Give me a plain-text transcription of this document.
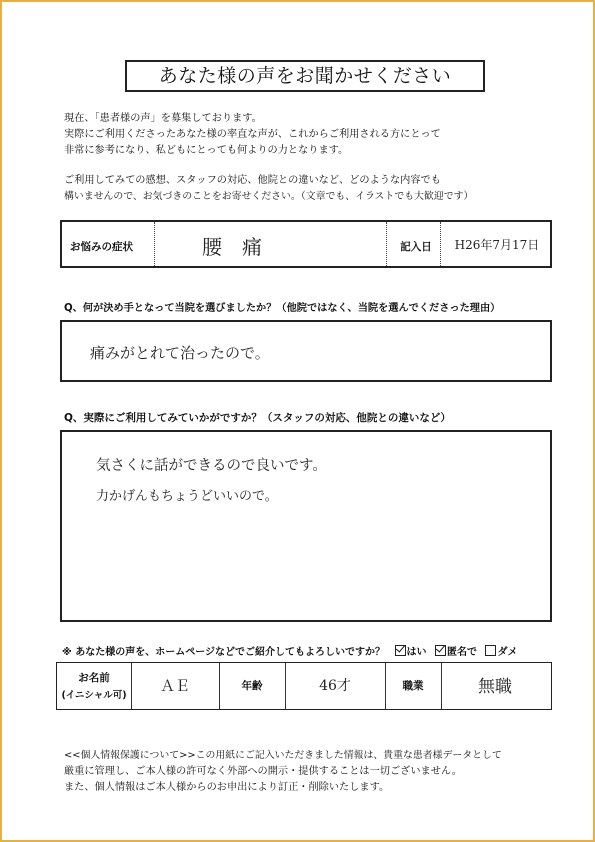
あなた様の声をお聞かせください
現在、「患者様の声」を募集しております。
実際にご利用くださったあなた様の率直な声が、これからご利用される方にとって
非常に参考になり、私どもにとっても何よりの力となります。
ご利用してみての感想、スタッフの対応、他院との違いなど、どのような内容でも
構いませんので、お気づきのことをお寄せください。（文章でも、イラストでも大歓迎です）
お悩みの症状	腰　痛	記入日	H26年7月17日
Q、何が決め手となって当院を選びましたか？（他院ではなく、当院を選んでくださった理由）
痛みがとれて治ったので。
Q、実際にご利用してみていかがですか？（スタッフの対応、他院との違いなど）
気さくに話ができるので良いです。
力かげんもちょうどいいので。
※ あなた様の声を、ホームページなどでご紹介してもよろしいですか？ はい 匿名で ダメ
お名前
(イニシャル可)
ＡＥ	年齢	46才	職業	無職
<<個人情報保護について>>この用紙にご記入いただきました情報は、貴重な患者様データとして
厳重に管理し、ご本人様の許可なく外部への開示・提供することは一切ございません。
また、個人情報はご本人様からのお申出により訂正・削除いたします。
